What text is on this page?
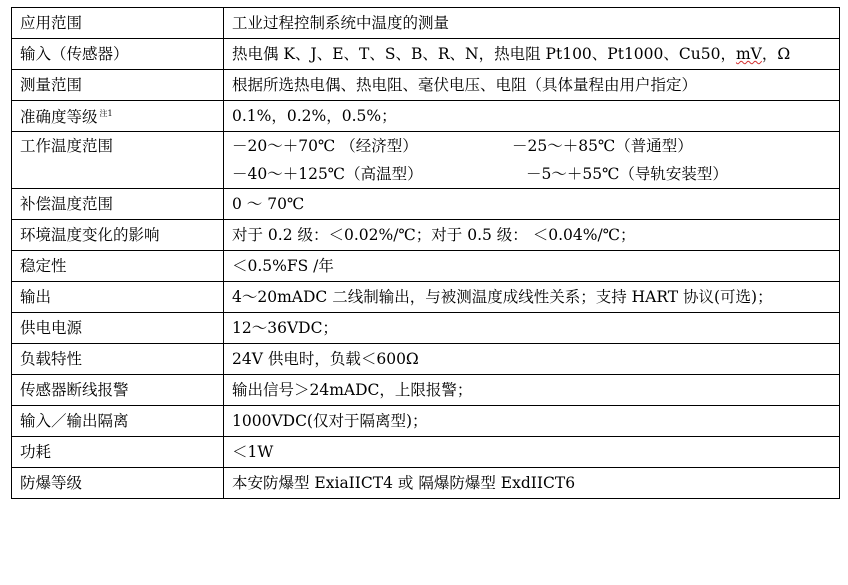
应用范围	工业过程控制系统中温度的测量
输入（传感器）	热电偶 K、J、E、T、S、B、R、N，热电阻 Pt100、Pt1000、Cu50，mV，Ω
测量范围	根据所选热电偶、热电阻、毫伏电压、电阻（具体量程由用户指定）
准确度等级 $^{注1}$	0.1%，0.2%，0.5%；
工作温度范围	－20～＋70℃ （经济型） －25～＋85℃（普通型）
－40～＋125℃（高温型） －5～＋55℃（导轨安装型）

补偿温度范围	0 ～ 70℃
环境温度变化的影响	对于 0.2 级：＜0.02%/℃；对于 0.5 级： ＜0.04%/℃；
稳定性	＜0.5%FS /年
输出	4～20mADC 二线制输出，与被测温度成线性关系；支持 HART 协议(可选)；
供电电源	12～36VDC；
负载特性	24V 供电时，负载＜600Ω
传感器断线报警	输出信号＞24mADC，上限报警；
输入／输出隔离	1000VDC(仅对于隔离型)；
功耗	＜1W
防爆等级	本安防爆型 ExiaIICT4 或 隔爆防爆型 ExdIICT6
